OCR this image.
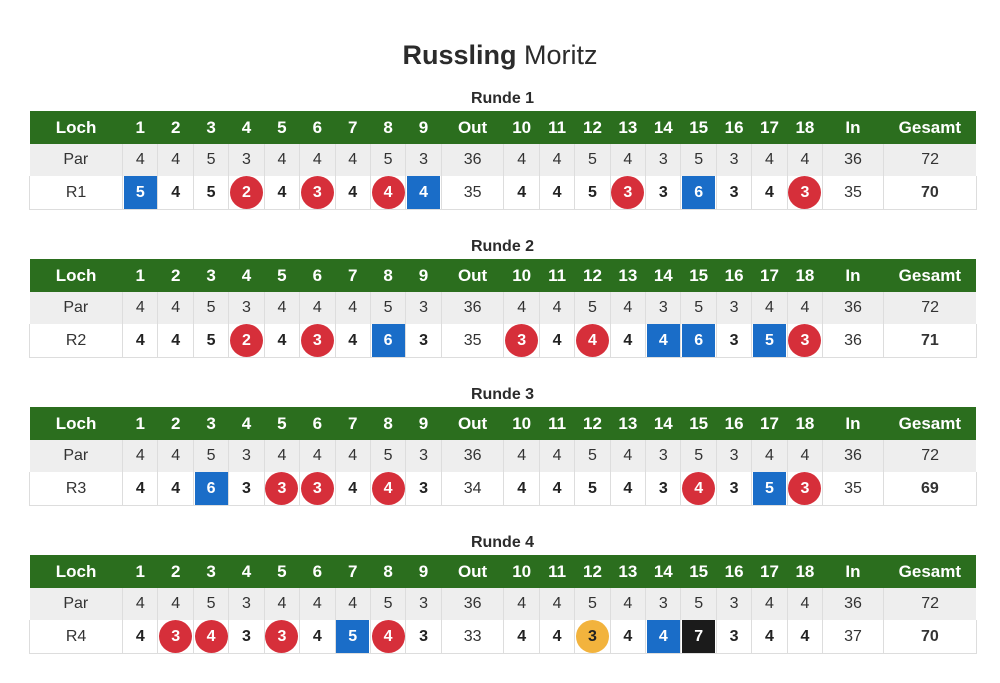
Russling Moritz
Runde 1
Loch	1	2	3	4	5	6	7	8	9	Out	10	11	12	13	14	15	16	17	18	In	Gesamt
Par	4	4	5	3	4	4	4	5	3	36	4	4	5	4	3	5	3	4	4	36	72
R1	5	4	5	2	4	3	4	4	4	35	4	4	5	3	3	6	3	4	3	35	70
Runde 2
Loch	1	2	3	4	5	6	7	8	9	Out	10	11	12	13	14	15	16	17	18	In	Gesamt
Par	4	4	5	3	4	4	4	5	3	36	4	4	5	4	3	5	3	4	4	36	72
R2	4	4	5	2	4	3	4	6	3	35	3	4	4	4	4	6	3	5	3	36	71
Runde 3
Loch	1	2	3	4	5	6	7	8	9	Out	10	11	12	13	14	15	16	17	18	In	Gesamt
Par	4	4	5	3	4	4	4	5	3	36	4	4	5	4	3	5	3	4	4	36	72
R3	4	4	6	3	3	3	4	4	3	34	4	4	5	4	3	4	3	5	3	35	69
Runde 4
Loch	1	2	3	4	5	6	7	8	9	Out	10	11	12	13	14	15	16	17	18	In	Gesamt
Par	4	4	5	3	4	4	4	5	3	36	4	4	5	4	3	5	3	4	4	36	72
R4	4	3	4	3	3	4	5	4	3	33	4	4	3	4	4	7	3	4	4	37	70
